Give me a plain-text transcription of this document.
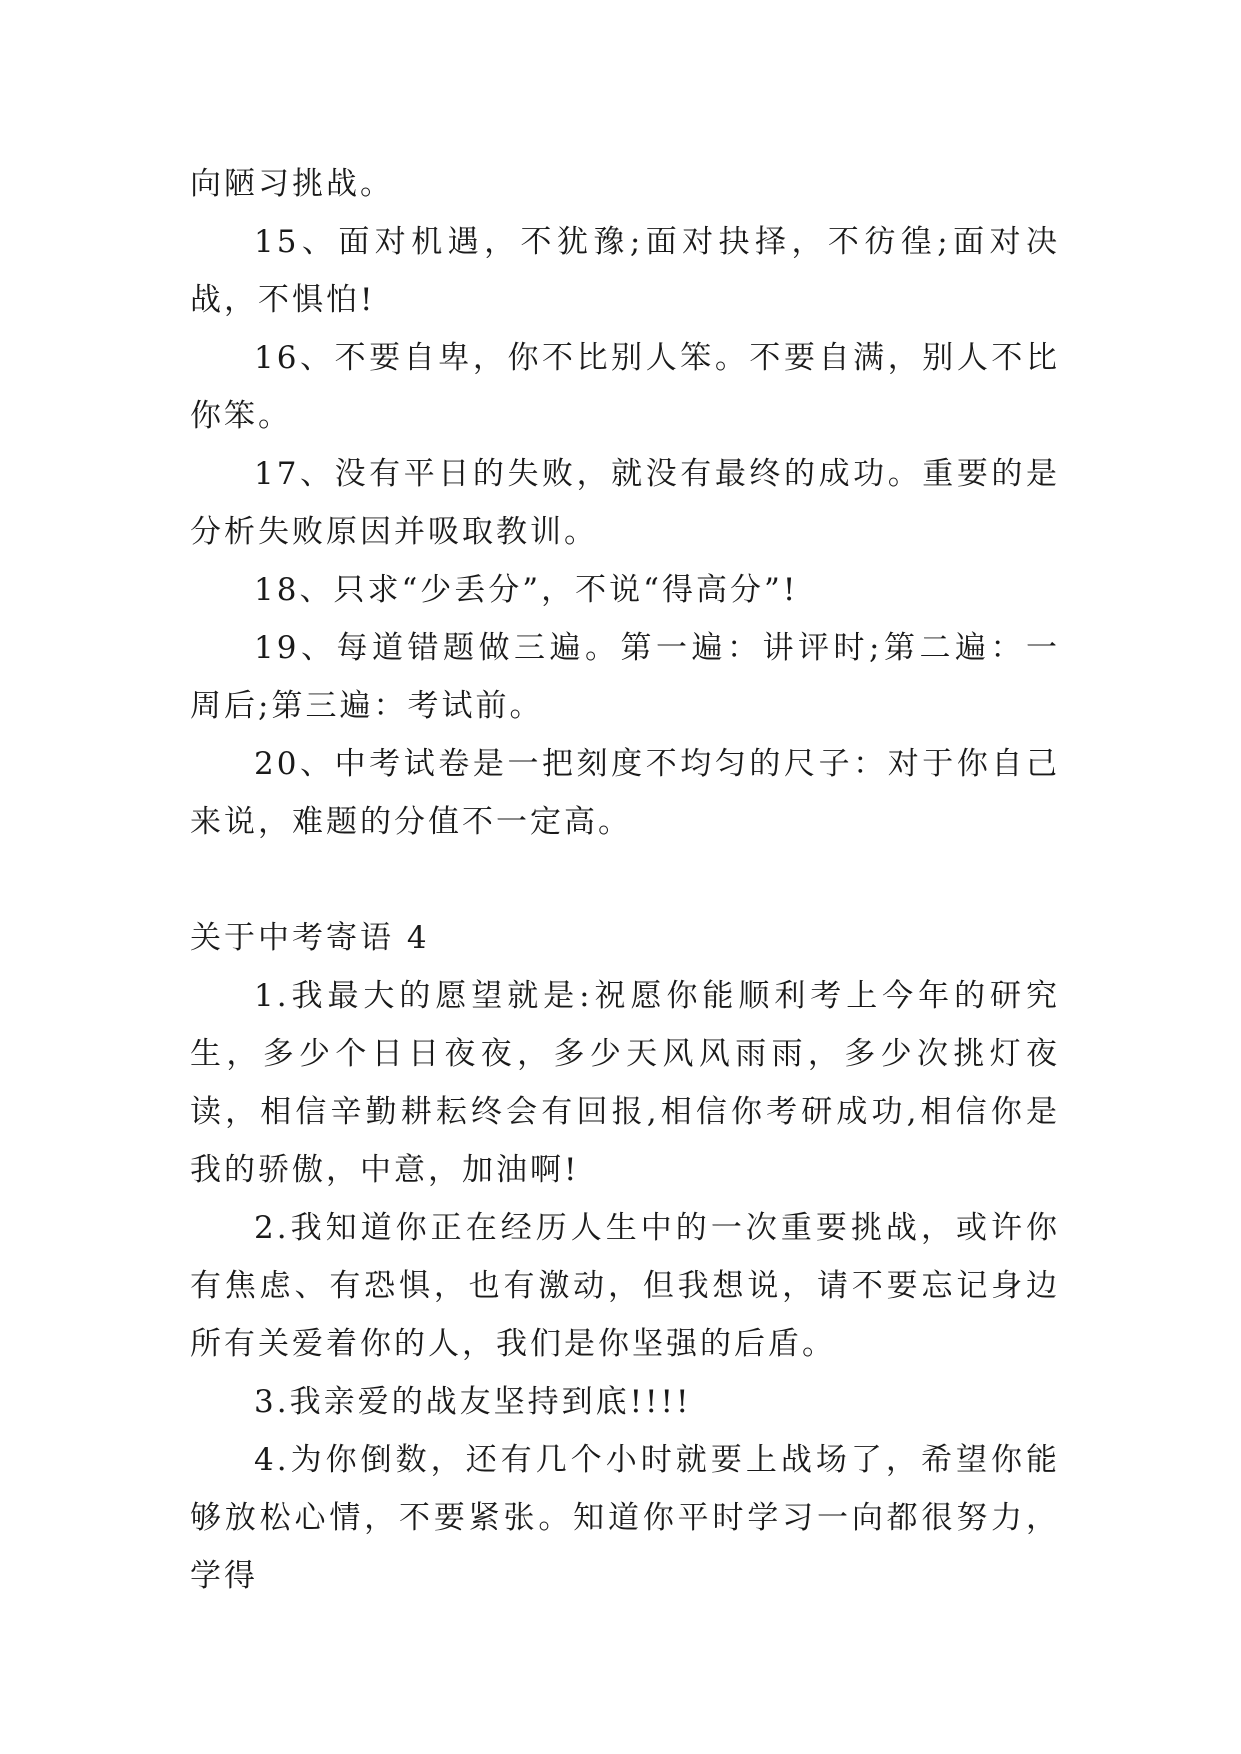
向陋习挑战。

15、面对机遇，不犹豫;面对抉择，不彷徨;面对决战，不惧怕!

16、不要自卑，你不比别人笨。不要自满，别人不比你笨。

17、没有平日的失败，就没有最终的成功。重要的是分析失败原因并吸取教训。

18、只求“少丢分”，不说“得高分”!

19、每道错题做三遍。第一遍：讲评时;第二遍：一周后;第三遍：考试前。

20、中考试卷是一把刻度不均匀的尺子：对于你自己来说，难题的分值不一定高。

关于中考寄语 4

1.我最大的愿望就是:祝愿你能顺利考上今年的研究生，多少个日日夜夜，多少天风风雨雨，多少次挑灯夜读，相信辛勤耕耘终会有回报,相信你考研成功,相信你是我的骄傲，中意，加油啊!

2.我知道你正在经历人生中的一次重要挑战，或许你有焦虑、有恐惧，也有激动，但我想说，请不要忘记身边所有关爱着你的人，我们是你坚强的后盾。

3.我亲爱的战友坚持到底!!!!

4.为你倒数，还有几个小时就要上战场了，希望你能够放松心情，不要紧张。知道你平时学习一向都很努力，学得
